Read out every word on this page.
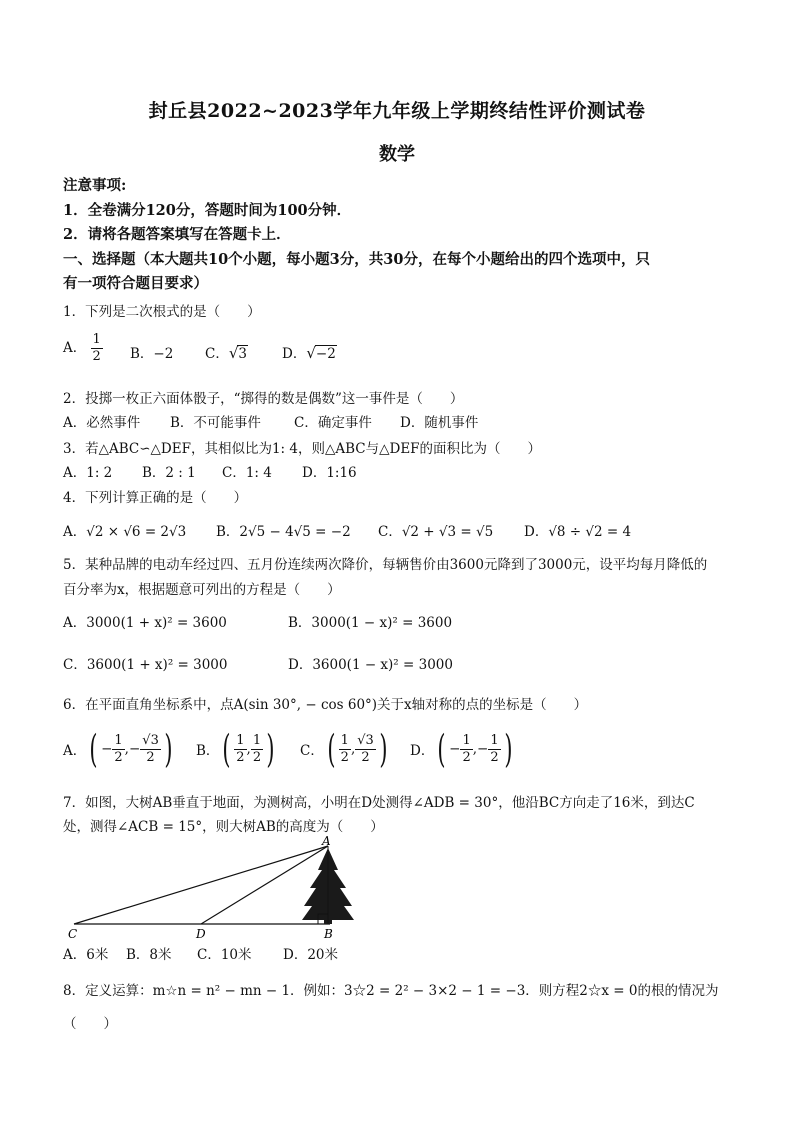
封丘县2022~2023学年九年级上学期终结性评价测试卷
数学
注意事项:
1．全卷满分120分，答题时间为100分钟．
2．请将各题答案填写在答题卡上．
一、选择题（本大题共10个小题，每小题3分，共30分，在每个小题给出的四个选项中，只
有一项符合题目要求）
1．下列是二次根式的是（　　）
A． $\frac{1}{2}$ B．−2 C．√3	D．√−2
2．投掷一枚正六面体骰子，“掷得的数是偶数”这一事件是（　　）
A．必然事件 B．不可能事件 C．确定事件 D．随机事件
3．若△ABC∽△DEF，其相似比为1: 4，则△ABC与△DEF的面积比为（　　）
A．1: 2 B．2 : 1 C．1: 4 D．1:16
4．下列计算正确的是（　　）
A．√2 × √6 = 2√3 B．2√5 − 4√5 = −2 C．√2 + √3 = √5 D．√8 ÷ √2 = 4
5．某种品牌的电动车经过四、五月份连续两次降价，每辆售价由3600元降到了3000元，设平均每月降低的
百分率为x，根据题意可列出的方程是（　　）
A．3000(1 + x)² = 3600	B．3000(1 − x)² = 3600
C．3600(1 + x)² = 3000	D．3600(1 − x)² = 3000
6．在平面直角坐标系中，点A(sin 30°, − cos 60°)关于x轴对称的点的坐标是（　　）
A．( − $\frac{1}{2}$ ,− $\frac{√3}{2}$ ) B．( $\frac{1}{2}$ , $\frac{1}{2}$ ) C．( $\frac{1}{2}$ , $\frac{√3}{2}$ ) D．( − $\frac{1}{2}$ ,− $\frac{1}{2}$ )
7．如图，大树AB垂直于地面，为测树高，小明在D处测得∠ADB = 30°，他沿BC方向走了16米，到达C
处，测得∠ACB = 15°，则大树AB的高度为（　　）
A
B
C	D
A．6米 B．8米 C．10米 D．20米
8．定义运算：m☆n = n² − mn − 1．例如：3☆2 = 2² − 3×2 − 1 = −3．则方程2☆x = 0的根的情况为
（　　）
